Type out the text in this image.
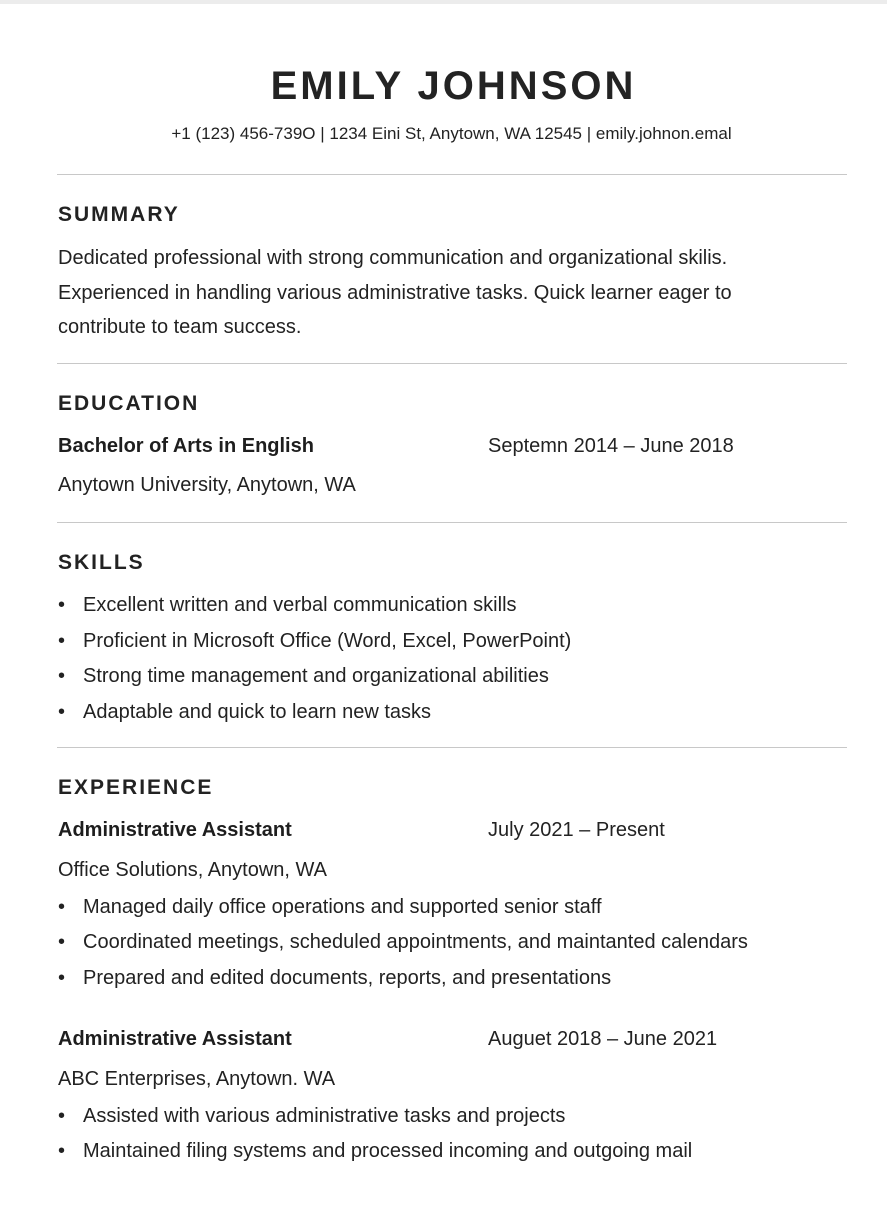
EMILY JOHNSON
+1 (123) 456-739O | 1234 Eini St, Anytown, WA 12545 | emily.johnon.emal
SUMMARY
Dedicated professional with strong communication and organizational skilis.
Experienced in handling various administrative tasks. Quick learner eager to
contribute to team success.
EDUCATION
Bachelor of Arts in English	Septemn 2014 – June 2018
Anytown University, Anytown, WA
SKILLS
• Excellent written and verbal communication skills
• Proficient in Microsoft Office (Word, Excel, PowerPoint)
• Strong time management and organizational abilities
• Adaptable and quick to learn new tasks
EXPERIENCE
Administrative Assistant	July 2021 – Present
Office Solutions, Anytown, WA
• Managed daily office operations and supported senior staff
• Coordinated meetings, scheduled appointments, and maintanted calendars
• Prepared and edited documents, reports, and presentations
Administrative Assistant	Auguet 2018 – June 2021
ABC Enterprises, Anytown. WA
• Assisted with various administrative tasks and projects
• Maintained filing systems and processed incoming and outgoing mail
